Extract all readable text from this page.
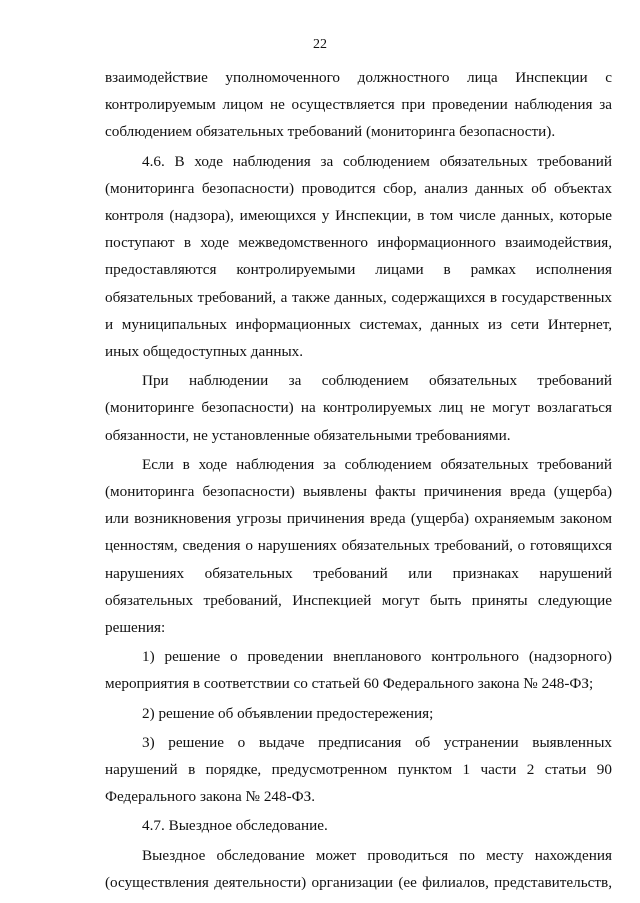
22

взаимодействие уполномоченного должностного лица Инспекции с контролируемым лицом не осуществляется при проведении наблюдения за соблюдением обязательных требований (мониторинга безопасности).

4.6. В ходе наблюдения за соблюдением обязательных требований (мониторинга безопасности) проводится сбор, анализ данных об объектах контроля (надзора), имеющихся у Инспекции, в том числе данных, которые поступают в ходе межведомственного информационного взаимодействия, предоставляются контролируемыми лицами в рамках исполнения обязательных требований, а также данных, содержащихся в государственных и муниципальных информационных системах, данных из сети Интернет, иных общедоступных данных.

При наблюдении за соблюдением обязательных требований (мониторинге безопасности) на контролируемых лиц не могут возлагаться обязанности, не установленные обязательными требованиями.

Если в ходе наблюдения за соблюдением обязательных требований (мониторинга безопасности) выявлены факты причинения вреда (ущерба) или возникновения угрозы причинения вреда (ущерба) охраняемым законом ценностям, сведения о нарушениях обязательных требований, о готовящихся нарушениях обязательных требований или признаках нарушений обязательных требований, Инспекцией могут быть приняты следующие решения:

1) решение о проведении внепланового контрольного (надзорного) мероприятия в соответствии со статьей 60 Федерального закона № 248-ФЗ;

2) решение об объявлении предостережения;

3) решение о выдаче предписания об устранении выявленных нарушений в порядке, предусмотренном пунктом 1 части 2 статьи 90 Федерального закона № 248-ФЗ.

4.7. Выездное обследование.

Выездное обследование может проводиться по месту нахождения (осуществления деятельности) организации (ее филиалов, представительств,
